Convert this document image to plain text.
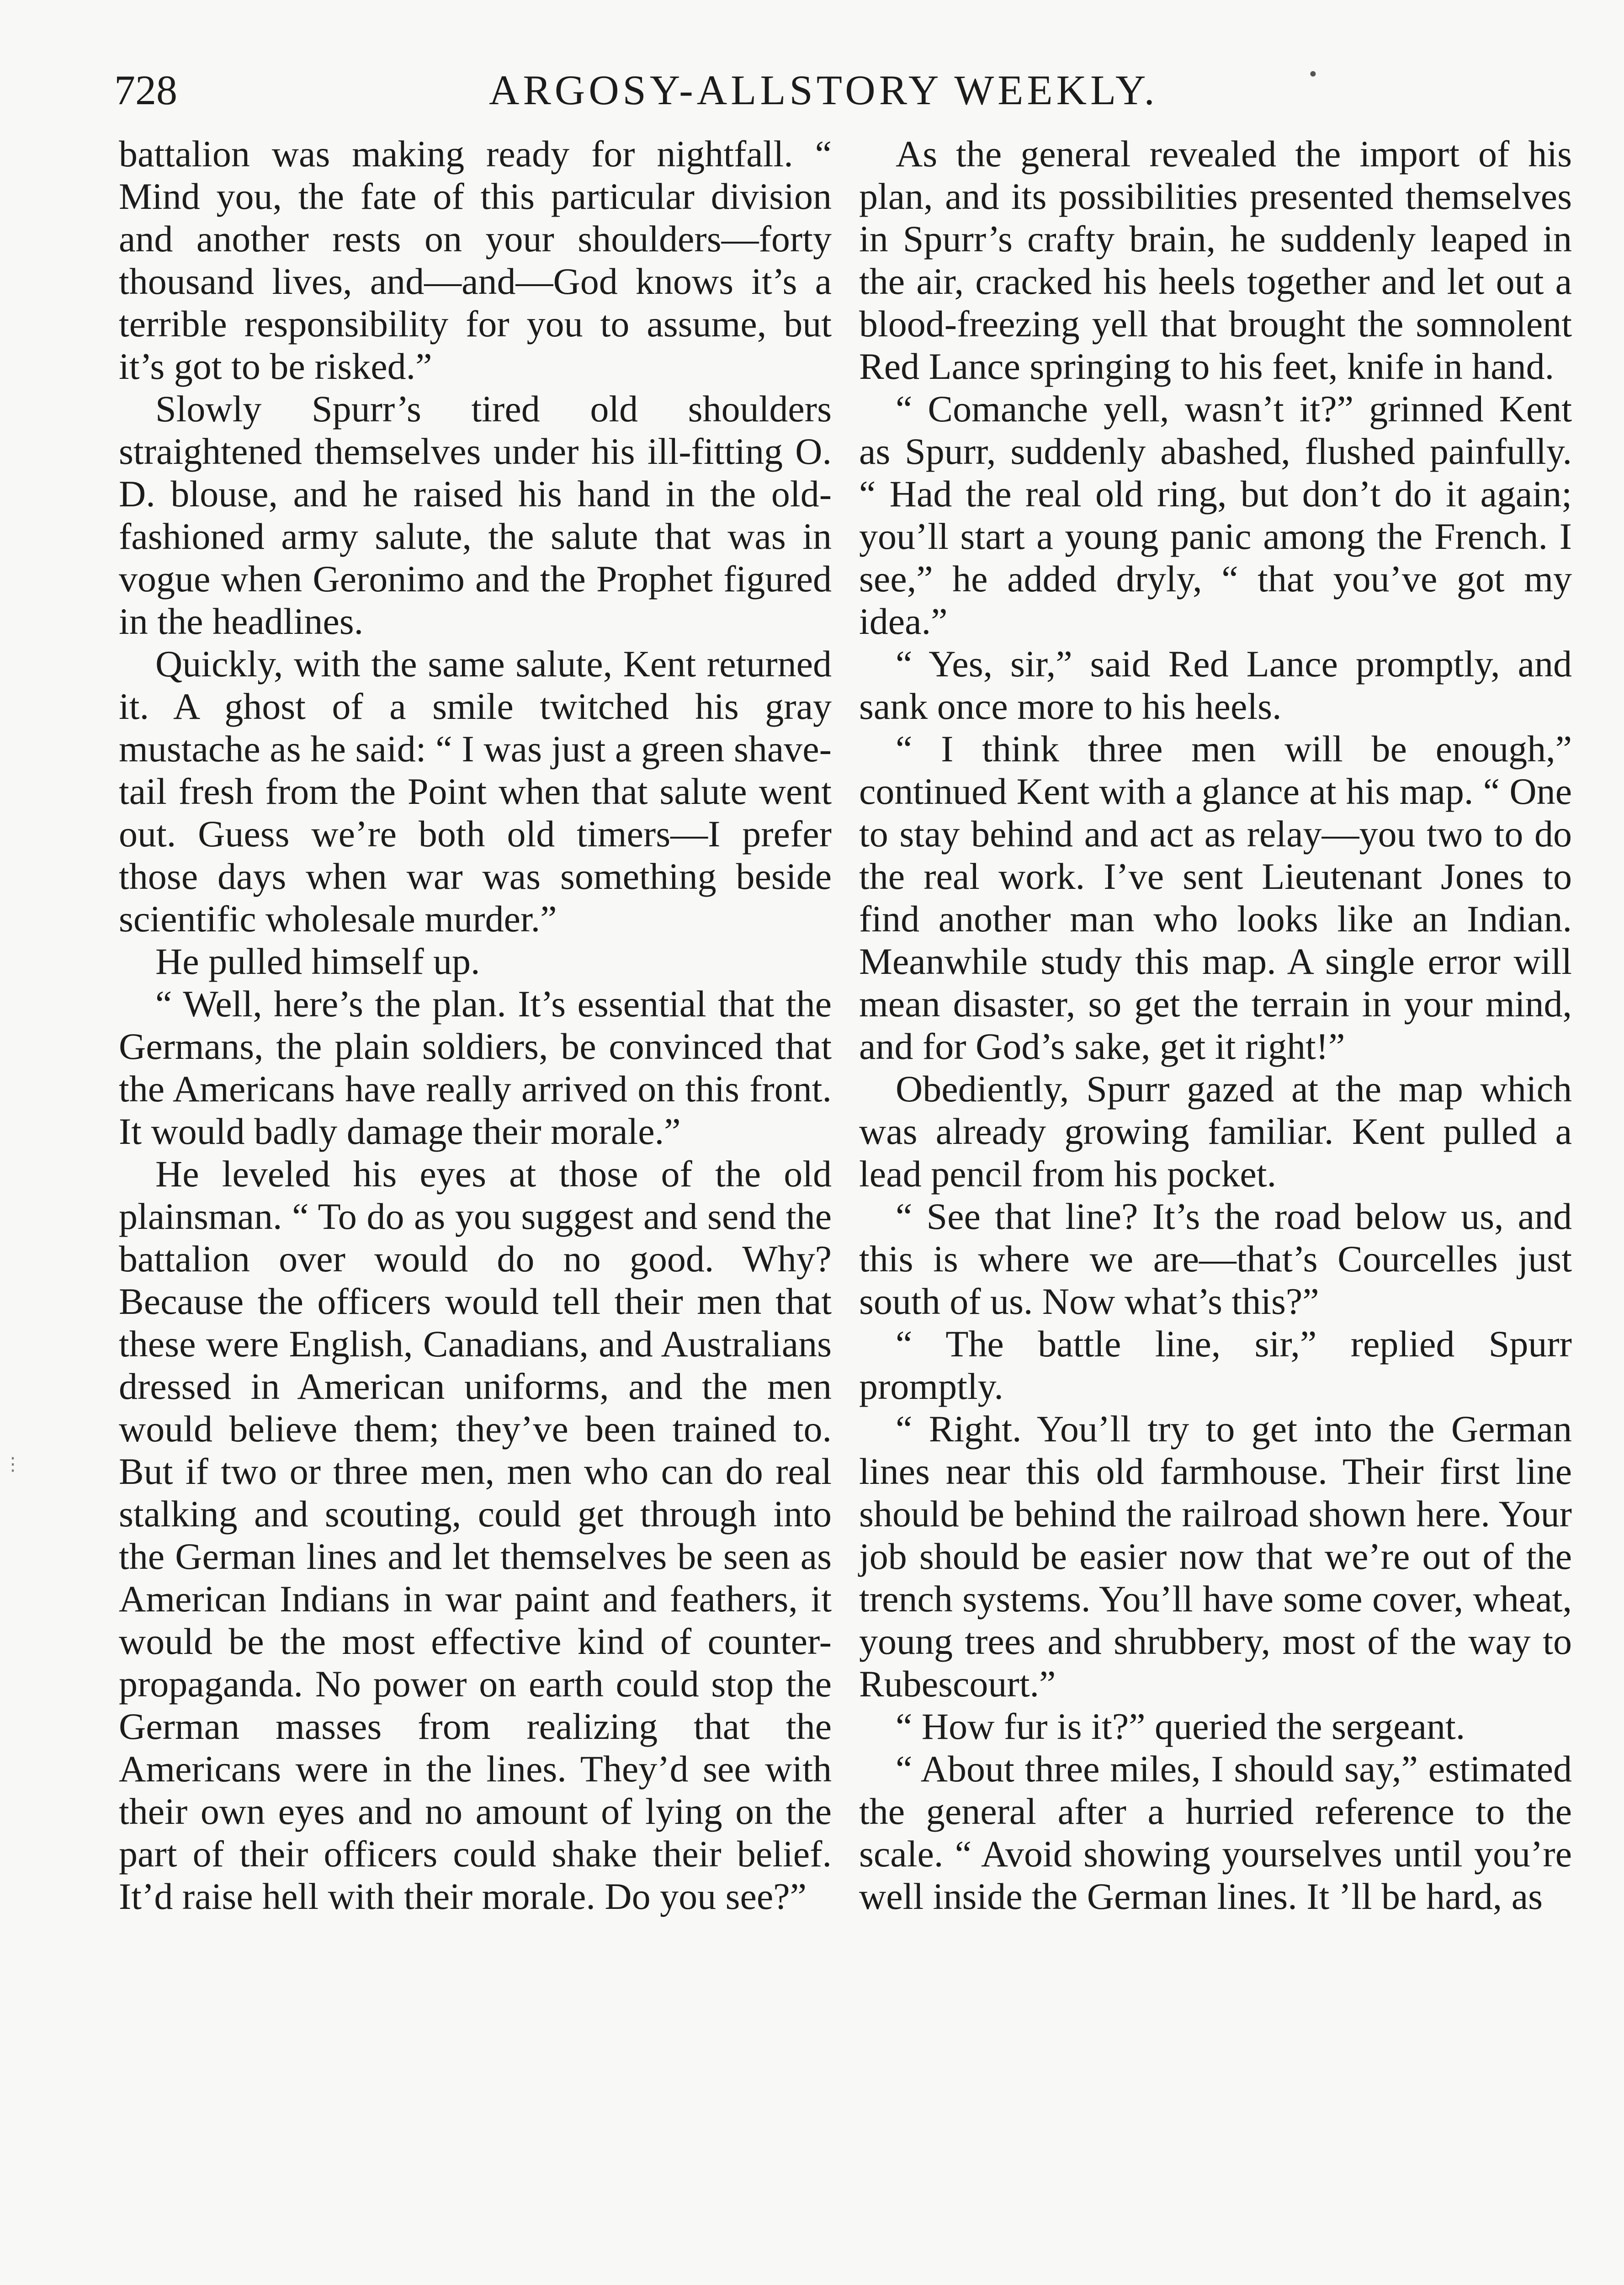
728	ARGOSY-ALLSTORY WEEKLY.	•

battalion was making ready for nightfall. “ Mind you, the fate of this particular division and another rests on your shoulders—forty thousand lives, and—and—God knows it’s a terrible responsibility for you to assume, but it’s got to be risked.”

Slowly Spurr’s tired old shoulders straightened themselves under his ill-fitting O. D. blouse, and he raised his hand in the old-fashioned army salute, the salute that was in vogue when Geronimo and the Prophet figured in the headlines.

Quickly, with the same salute, Kent returned it. A ghost of a smile twitched his gray mustache as he said: “ I was just a green shave-tail fresh from the Point when that salute went out. Guess we’re both old timers—I prefer those days when war was something beside scientific wholesale murder.”

He pulled himself up.

“ Well, here’s the plan. It’s essential that the Germans, the plain soldiers, be convinced that the Americans have really arrived on this front. It would badly damage their morale.”

He leveled his eyes at those of the old plainsman. “ To do as you suggest and send the battalion over would do no good. Why? Because the officers would tell their men that these were English, Canadians, and Australians dressed in American uniforms, and the men would believe them; they’ve been trained to. But if two or three men, men who can do real stalking and scouting, could get through into the German lines and let themselves be seen as American Indians in war paint and feathers, it would be the most effective kind of counter-propaganda. No power on earth could stop the German masses from realizing that the Americans were in the lines. They’d see with their own eyes and no amount of lying on the part of their officers could shake their belief. It’d raise hell with their morale. Do you see?”

As the general revealed the import of his plan, and its possibilities presented themselves in Spurr’s crafty brain, he suddenly leaped in the air, cracked his heels together and let out a blood-freezing yell that brought the somnolent Red Lance springing to his feet, knife in hand.

“ Comanche yell, wasn’t it?” grinned Kent as Spurr, suddenly abashed, flushed painfully. “ Had the real old ring, but don’t do it again; you’ll start a young panic among the French. I see,” he added dryly, “ that you’ve got my idea.”

“ Yes, sir,” said Red Lance promptly, and sank once more to his heels.

“ I think three men will be enough,” continued Kent with a glance at his map. “ One to stay behind and act as relay—you two to do the real work. I’ve sent Lieutenant Jones to find another man who looks like an Indian. Meanwhile study this map. A single error will mean disaster, so get the terrain in your mind, and for God’s sake, get it right!”

Obediently, Spurr gazed at the map which was already growing familiar. Kent pulled a lead pencil from his pocket.

“ See that line? It’s the road below us, and this is where we are—that’s Courcelles just south of us. Now what’s this?”

“ The battle line, sir,” replied Spurr promptly.

“ Right. You’ll try to get into the German lines near this old farmhouse. Their first line should be behind the railroad shown here. Your job should be easier now that we’re out of the trench systems. You’ll have some cover, wheat, young trees and shrubbery, most of the way to Rubescourt.”

“ How fur is it?” queried the sergeant.

“ About three miles, I should say,” estimated the general after a hurried reference to the scale. “ Avoid showing yourselves until you’re well inside the German lines. It ’ll be hard, as

⋮
